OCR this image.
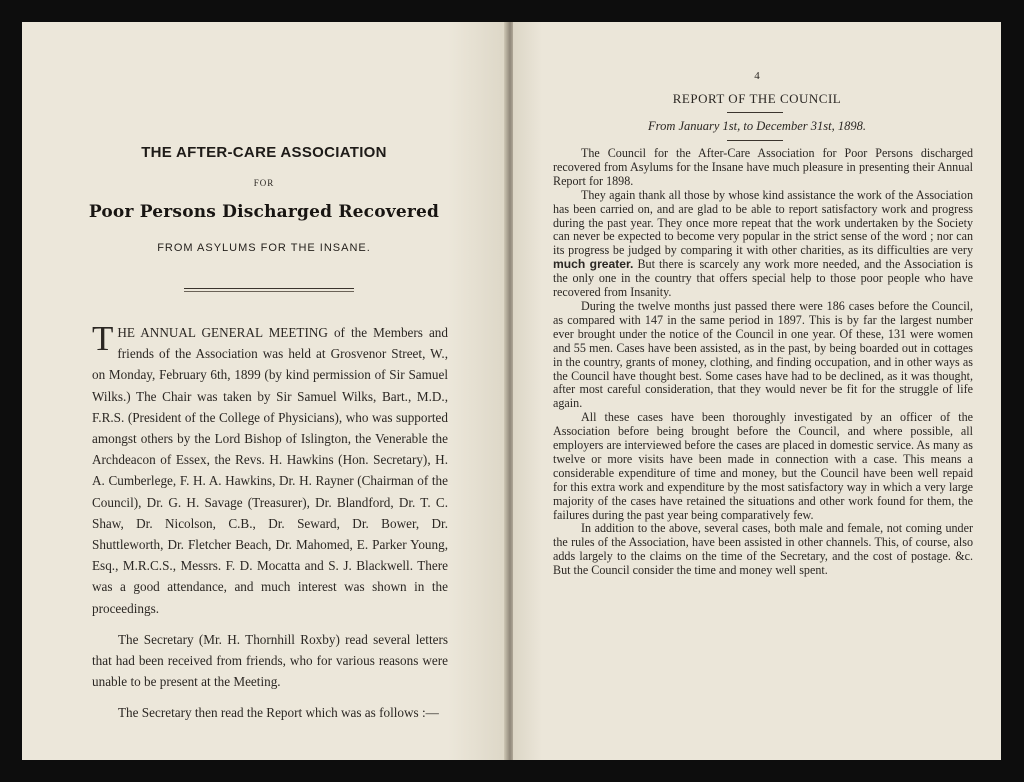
THE AFTER-CARE ASSOCIATION
FOR
Poor Persons Discharged Recovered
FROM ASYLUMS FOR THE INSANE.

THE ANNUAL GENERAL MEETING of the Members and friends of the Association was held at Grosvenor Street, W., on Monday, February 6th, 1899 (by kind permission of Sir Samuel Wilks.) The Chair was taken by Sir Samuel Wilks, Bart., M.D., F.R.S. (President of the College of Physicians), who was supported amongst others by the Lord Bishop of Islington, the Venerable the Archdeacon of Essex, the Revs. H. Hawkins (Hon. Secretary), H. A. Cumberlege, F. H. A. Hawkins, Dr. H. Rayner (Chairman of the Council), Dr. G. H. Savage (Treasurer), Dr. Blandford, Dr. T. C. Shaw, Dr. Nicolson, C.B., Dr. Seward, Dr. Bower, Dr. Shuttleworth, Dr. Fletcher Beach, Dr. Mahomed, E. Parker Young, Esq., M.R.C.S., Messrs. F. D. Mocatta and S. J. Blackwell. There was a good attendance, and much interest was shown in the proceedings.

The Secretary (Mr. H. Thornhill Roxby) read several letters that had been received from friends, who for various reasons were unable to be present at the Meeting.

The Secretary then read the Report which was as follows :—

4
REPORT OF THE COUNCIL
From January 1st, to December 31st, 1898.

The Council for the After-Care Association for Poor Persons discharged recovered from Asylums for the Insane have much pleasure in presenting their Annual Report for 1898.

They again thank all those by whose kind assistance the work of the Association has been carried on, and are glad to be able to report satisfactory work and progress during the past year. They once more repeat that the work undertaken by the Society can never be expected to become very popular in the strict sense of the word ; nor can its progress be judged by comparing it with other charities, as its difficulties are very much greater. But there is scarcely any work more needed, and the Association is the only one in the country that offers special help to those poor people who have recovered from Insanity.

During the twelve months just passed there were 186 cases before the Council, as compared with 147 in the same period in 1897. This is by far the largest number ever brought under the notice of the Council in one year. Of these, 131 were women and 55 men. Cases have been assisted, as in the past, by being boarded out in cottages in the country, grants of money, clothing, and finding occupation, and in other ways as the Council have thought best. Some cases have had to be declined, as it was thought, after most careful consideration, that they would never be fit for the struggle of life again.

All these cases have been thoroughly investigated by an officer of the Association before being brought before the Council, and where possible, all employers are interviewed before the cases are placed in domestic service. As many as twelve or more visits have been made in connection with a case. This means a considerable expenditure of time and money, but the Council have been well repaid for this extra work and expenditure by the most satisfactory way in which a very large majority of the cases have retained the situations and other work found for them, the failures during the past year being comparatively few.

In addition to the above, several cases, both male and female, not coming under the rules of the Association, have been assisted in other channels. This, of course, also adds largely to the claims on the time of the Secretary, and the cost of postage. &c. But the Council consider the time and money well spent.
